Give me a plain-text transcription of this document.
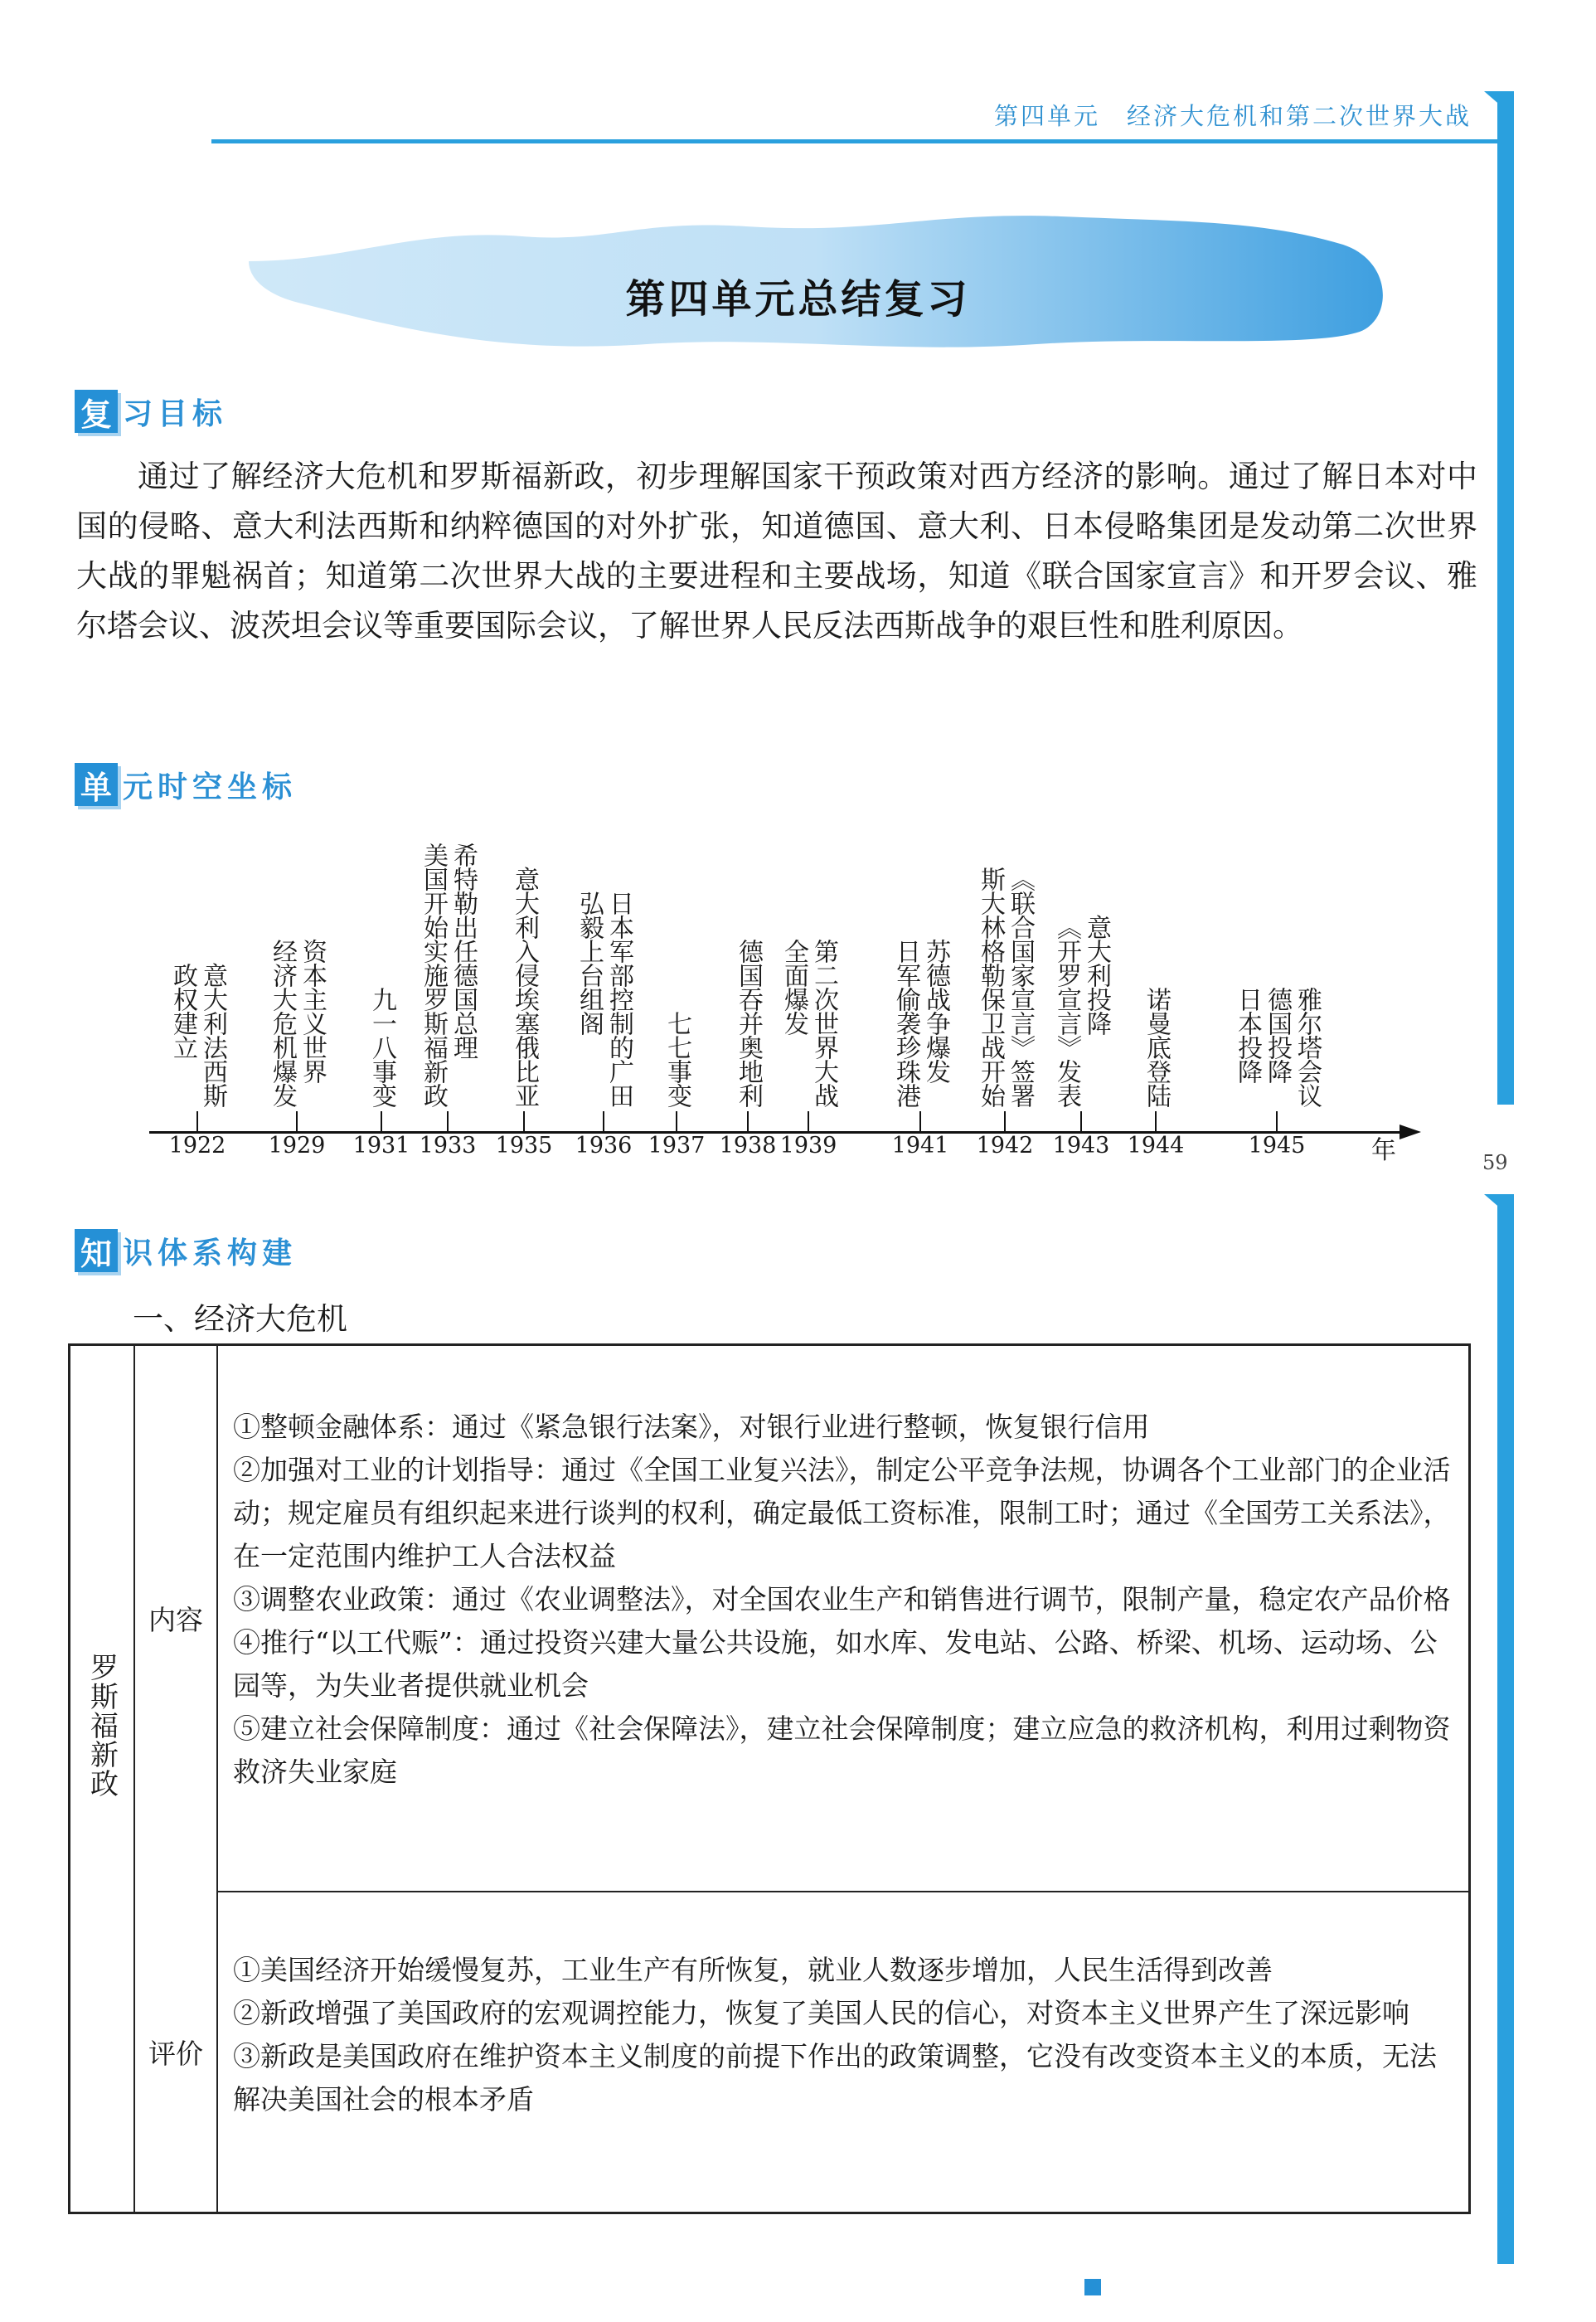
第四单元　经济大危机和第二次世界大战
59
第四单元总结复习
复 习目标
通过了解经济大危机和罗斯福新政，初步理解国家干预政策对西方经济的影响。通过了解日本对中国的侵略、意大利法西斯和纳粹德国的对外扩张，知道德国、意大利、日本侵略集团是发动第二次世界大战的罪魁祸首；知道第二次世界大战的主要进程和主要战场，知道《联合国家宣言》和开罗会议、雅尔塔会议、波茨坦会议等重要国际会议，了解世界人民反法西斯战争的艰巨性和胜利原因。
单 元时空坐标
年
1922
意大利法西斯
政权建立
1929
资本主义世界
经济大危机爆发
1931
九一八事变
1933
希特勒出任德国总理
美国开始实施罗斯福新政
1935
意大利入侵埃塞俄比亚
1936
日本军部控制的广田
弘毅上台组阁
1937
七七事变
1938
德国吞并奥地利
1939
第二次世界大战
全面爆发
1941
苏德战争爆发
日军偷袭珍珠港
1942
《联合国家宣言》签署
斯大林格勒保卫战开始
1943
意大利投降
《开罗宣言》发表
1944
诺曼底登陆
1945
雅尔塔会议
德国投降
日本投降
知 识体系构建
一、经济大危机
罗斯福新政
内容
评价

①整顿金融体系：通过《紧急银行法案》，对银行业进行整顿，恢复银行信用

②加强对工业的计划指导：通过《全国工业复兴法》，制定公平竞争法规，协调各个工业部门的企业活动；规定雇员有组织起来进行谈判的权利，确定最低工资标准，限制工时；通过《全国劳工关系法》，在一定范围内维护工人合法权益

③调整农业政策：通过《农业调整法》，对全国农业生产和销售进行调节，限制产量，稳定农产品价格

④推行“以工代赈”：通过投资兴建大量公共设施，如水库、发电站、公路、桥梁、机场、运动场、公园等，为失业者提供就业机会

⑤建立社会保障制度：通过《社会保障法》，建立社会保障制度；建立应急的救济机构，利用过剩物资救济失业家庭

①美国经济开始缓慢复苏，工业生产有所恢复，就业人数逐步增加，人民生活得到改善

②新政增强了美国政府的宏观调控能力，恢复了美国人民的信心，对资本主义世界产生了深远影响

③新政是美国政府在维护资本主义制度的前提下作出的政策调整，它没有改变资本主义的本质，无法解决美国社会的根本矛盾
